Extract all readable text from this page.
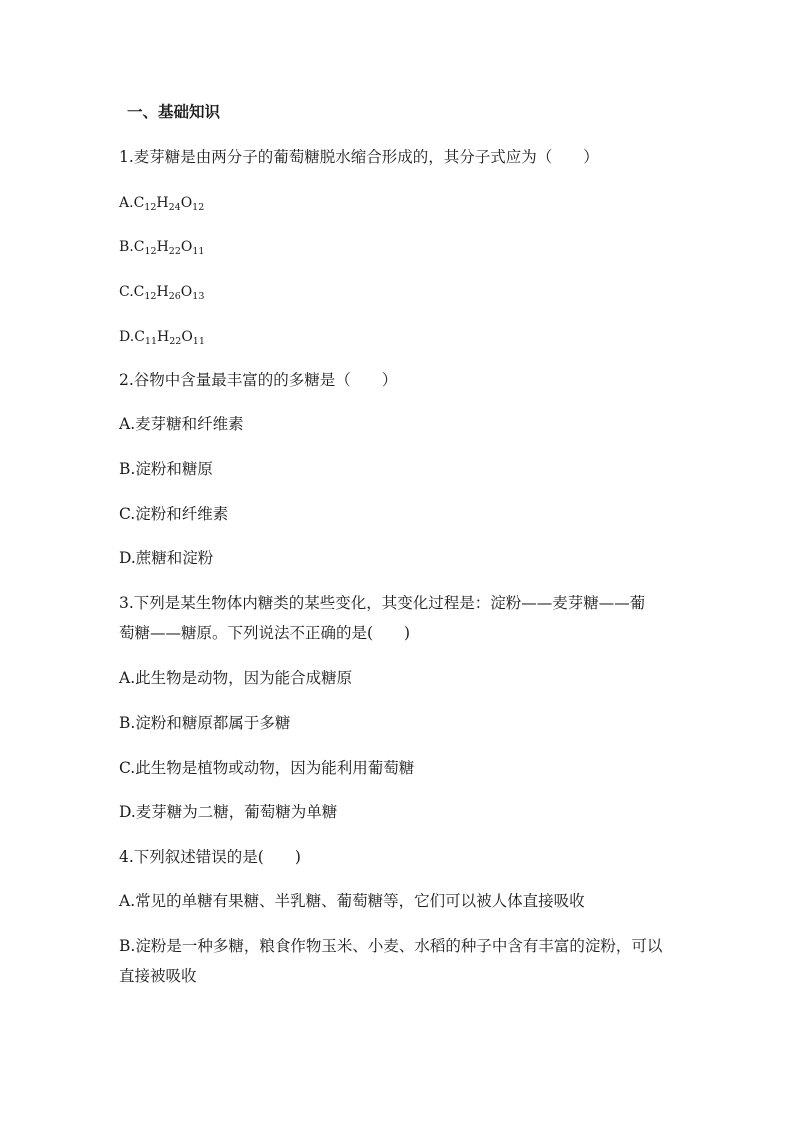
一、基础知识
1.麦芽糖是由两分子的葡萄糖脱水缩合形成的，其分子式应为（　　）
$A.C_{12}H_{24}O_{12}$
$B.C_{12}H_{22}O_{11}$
$C.C_{12}H_{26}O_{13}$
$D.C_{11}H_{22}O_{11}$
2.谷物中含量最丰富的的多糖是（　　）
A.麦芽糖和纤维素
B.淀粉和糖原
C.淀粉和纤维素
D.蔗糖和淀粉
3.下列是某生物体内糖类的某些变化，其变化过程是：淀粉——麦芽糖——葡
萄糖——糖原。下列说法不正确的是(　　)
A.此生物是动物，因为能合成糖原
B.淀粉和糖原都属于多糖
C.此生物是植物或动物，因为能利用葡萄糖
D.麦芽糖为二糖，葡萄糖为单糖
4.下列叙述错误的是(　　)
A.常见的单糖有果糖、半乳糖、葡萄糖等，它们可以被人体直接吸收
B.淀粉是一种多糖，粮食作物玉米、小麦、水稻的种子中含有丰富的淀粉，可以
直接被吸收
